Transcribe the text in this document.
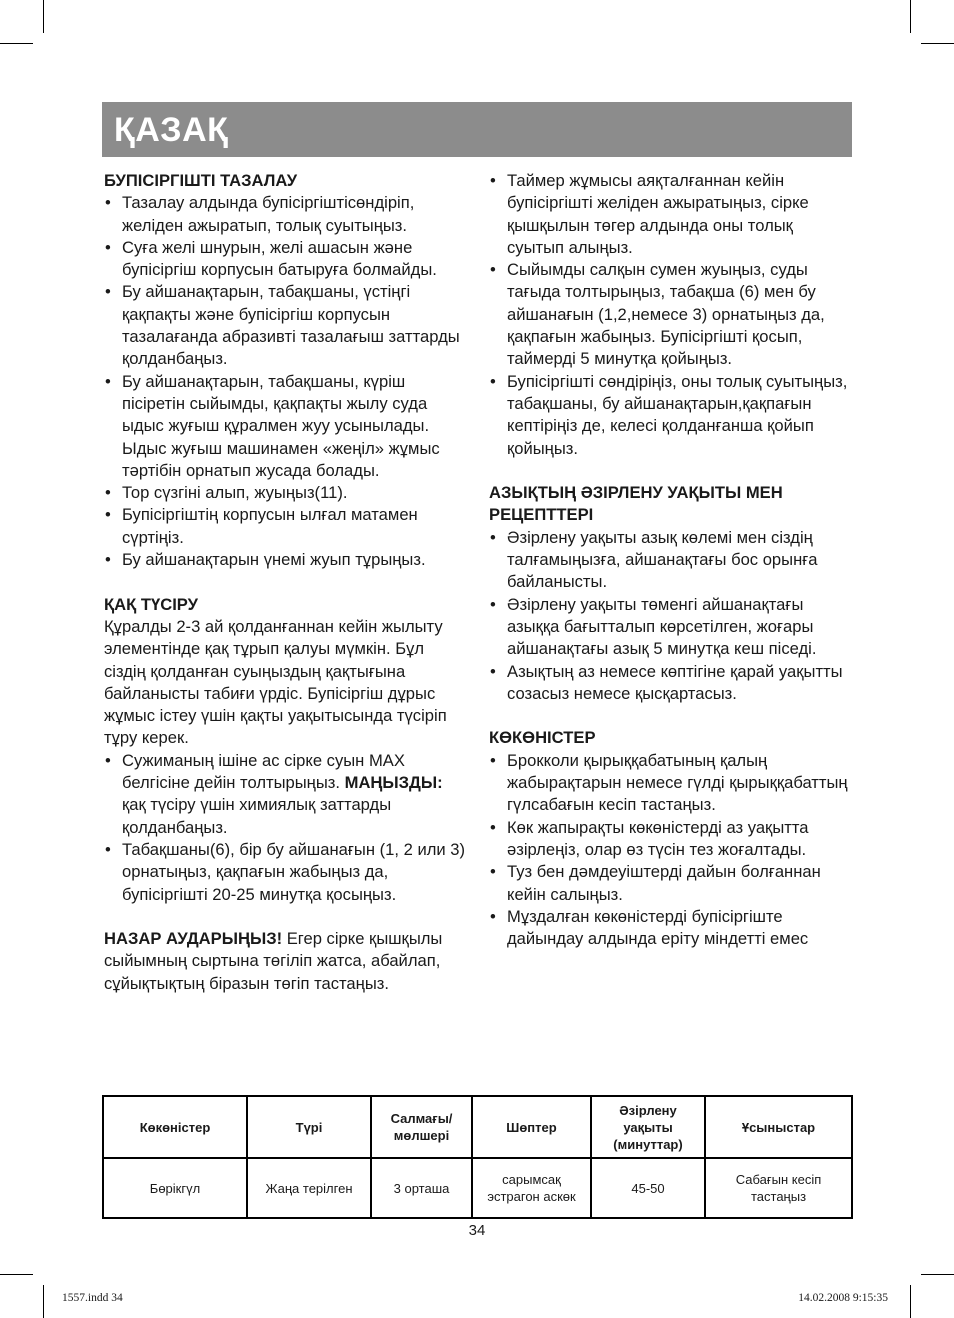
ҚАЗАҚ

БУПІСІРГІШТІ ТАЗАЛАУ

• Тазалау алдында бупісіргіштісөндіріп, желіден ажыратып, толық суытыңыз.
• Суға желі шнурын, желі ашасын және бупісіргіш корпусын батыруға болмайды.
• Бу айшанақтарын, табақшаны, үстіңгі қақпақты және бупісіргіш корпусын тазалағанда абразивті тазалағыш заттарды қолданбаңыз.
• Бу айшанақтарын, табақшаны, күріш пісіретін сыйымды, қақпақты жылу суда ыдыс жуғыш құралмен жуу усынылады. Ыдыс жуғыш машинамен «жеңіл» жұмыс тәртібін орнатып жусада болады.
• Тор сүзгіні алып, жуыңыз(11).
• Бупісіргіштің корпусын ылғал матамен сүртіңіз.
• Бу айшанақтарын үнемі жуып тұрыңыз.

ҚАҚ ТҮСІРУ

Құралды 2-3 ай қолданғаннан кейін жылыту элементінде қақ тұрып қалуы мүмкін. Бұл сіздің қолданған суыңыздың қақтығына байланысты табиғи үрдіс. Бупісіргіш дұрыс жұмыс істеу үшін қақты уақытысында түсіріп тұру керек.

• Сужиманың ішіне ас сірке суын MAX белгісіне дейін толтырыңыз. МАҢЫЗДЫ: қақ түсіру үшін химиялық заттарды қолданбаңыз.
• Табақшаны(6), бір бу айшанағын (1, 2 или 3) орнатыңыз, қақпағын жабыңыз да, бупісіргішті 20-25 минутқа қосыңыз.

НАЗАР АУДАРЫҢЫЗ! Егер сірке қышқылы сыйымның сыртына төгіліп жатса, абайлап, сұйықтықтың біразын төгіп тастаңыз.

• Таймер жұмысы аяқталғаннан кейін бупісіргішті желіден ажыратыңыз, сірке қышқылын төгер алдында оны толық суытып алыңыз.
• Сыйымды салқын сумен жуыңыз, суды тағыда толтырыңыз, табақша (6) мен бу айшанағын (1,2,немесе 3) орнатыңыз да, қақпағын жабыңыз. Бупісіргішті қосып, таймерді 5 минутқа қойыңыз.
• Бупісіргішті сөндіріңіз, оны толық суытыңыз, табақшаны, бу айшанақтарын,қақпағын кептіріңіз де, келесі қолданғанша қойып қойыңыз.

АЗЫҚТЫҢ ӘЗІРЛЕНУ УАҚЫТЫ МЕН РЕЦЕПТТЕРІ

• Әзірлену уақыты азық көлемі мен сіздің талғамыңызға, айшанақтағы бос орынға байланысты.
• Әзірлену уақыты төменгі айшанақтағы азыққа бағытталып көрсетілген, жоғары айшанақтағы азық 5 минутқа кеш піседі.
• Азықтың аз немесе көптігіне қарай уақытты созасыз немесе қысқартасыз.

КӨКӨНІСТЕР

• Брокколи қырыққабатының қалың жабырақтарын немесе гүлді қырыққабаттың гүлсабағын кесіп тастаңыз.
• Көк жапырақты көкөністерді аз уақытта әзірлеңіз, олар өз түсін тез жоғалтады.
• Туз бен дәмдеуіштерді дайын болғаннан кейін салыңыз.
• Мұздалған көкөністерді бупісіргіште дайындау алдында еріту міндетті емес
Көкөністер	Түрі	Салмағы/ мөлшері	Шөптер	Әзірлену уақыты (минуттар)	Ұсыныстар
Бөрікгүл	Жаңа терілген	3 орташа	сарымсақ эстрагон аскөк	45-50	Сабағын кесіп тастаңыз
34
1557.indd 34	14.02.2008 9:15:35
